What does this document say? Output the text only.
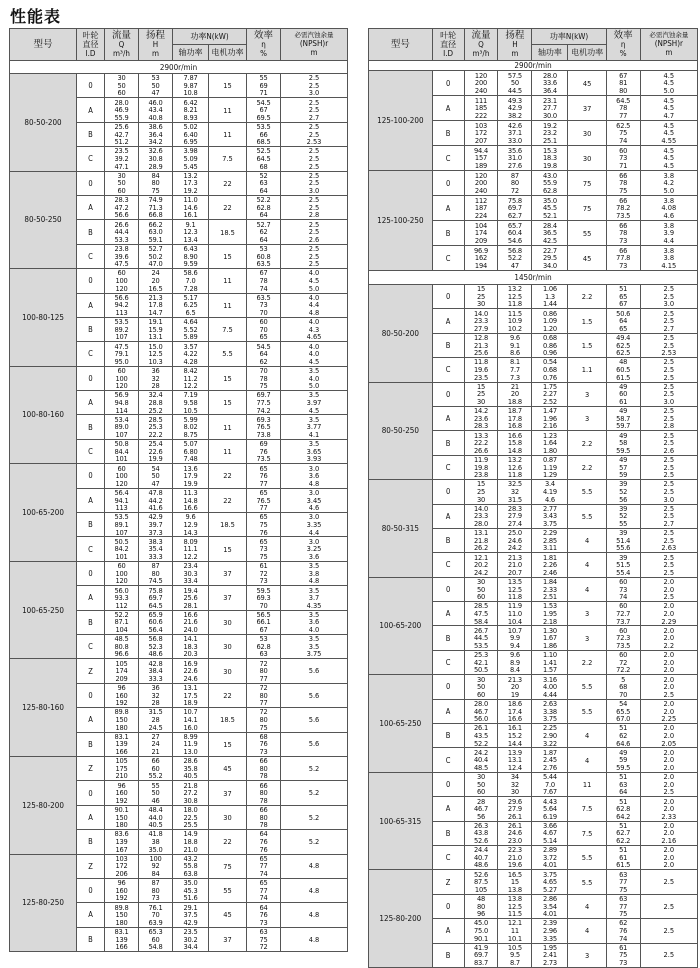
性能表
型号	叶轮
直径
I.D	流量
Q
m³/h	扬程
H
m	功率N(kW)		效率
η
%	必需汽蚀余量
(NPSH)r
m
				轴功率	电机功率		
2900r/min							
80-50-200	0	30
50
60	53
50
47	7.87
9.87
10.8	15	55
69
71	2.5
2.5
3.0

	A	28.0
46.9
55.9	46.0
43.4
40.8	6.42
8.21
8.93	11	54.5
67
69.5	2.5
2.5
2.7

	B	25.6
42.7
51.2	38.6
36.4
34.2	5.02
6.40
6.95	11	53.5
66
68.5	2.5
2.5
2.53

	C	23.5
39.2
47.1	32.6
30.8
28.9	3.98
5.09
5.45	7.5	52.5
64.5
68	2.5
2.5
2.5

80-50-250	0	30
50
60	84
80
75	13.2
17.3
19.2	22	52
63
64	2.5
2.5
3.0

	A	28.3
47.2
56.6	74.9
71.3
66.8	11.0
14.6
16.1	22	52.2
62.8
64	2.5
2.5
2.8

	B	26.6
44.4
53.3	66.2
63.0
59.1	9.1
12.3
13.4	18.5	52.7
62
64	2.5
2.5
2.6

	C	23.8
39.6
47.5	52.7
50.2
47.0	6.43
8.90
9.59	15	53
60.8
63.5	2.5
2.5
2.5

100-80-125	0	60
100
120	24
20
16.5	58.6
7.0
7.28	11	67
78
74	4.0
4.5
5.0

	A	56.6
94.2
113	21.3
17.8
14.7	5.17
6.25
6.5	11	63.5
73
70	4.0
4.4
4.8

	B	53.5
89.2
107	19.1
15.9
13.1	4.64
5.52
5.89	7.5	60
70
65	4.0
4.3
4.65

	C	47.5
79.1
95.0	15.0
12.5
10.3	3.57
4.22
4.28	5.5	54.5
64
62	4.0
4.0
4.5

100-80-160	0	60
100
120	36
32
28	8.42
11.2
12.2	15	70
78
75	3.5
4.0
5.0

	A	56.9
94.8
114	32.4
28.8
25.2	7.19
9.58
10.5	15	69.7
77.5
74.2	3.5
3.97
4.5

	B	53.4
89.0
107	28.5
25.3
22.2	5.99
8.02
8.75	11	69.3
76.5
73.8	3.5
3.77
4.1

	C	50.8
84.4
101	25.4
22.6
19.9	5.07
6.80
7.48	11	69
76
73.5	3.5
3.65
3.93

100-65-200	0	60
100
120	54
50
47	13.6
17.9
19.9	22	65
76
77	3.0
3.6
4.8

	A	56.4
94.1
113	47.8
44.2
41.6	11.3
14.8
16.6	22	65
76.5
77	3.0
3.45
4.6

	B	53.5
89.1
107	42.9
39.7
37.3	9.6
12.9
14.3	18.5	65
75
76	3.0
3.35
4.4

	C	50.5
84.2
101	38.3
35.4
33.3	8.09
11.1
12.2	15	65
73
75	3.0
3.25
3.6

100-65-250	0	60
100
120	87
80
74.5	23.4
30.3
33.4	37	61
72
73	3.5
3.8
4.8

	A	56.0
93.3
112	75.8
69.7
64.5	19.4
25.6
28.1	37	59.5
69.3
70	3.5
3.7
4.35

	B	52.2
87.1
104	65.9
60.6
56.4	16.6
21.6
24.0	30	56.5
66.1
67	3.5
3.6
4.0

	C	48.5
80.8
96.6	56.8
52.3
48.6	14.1
18.3
20.3	30	53
62.8
63	3.5
3.5
3.75

125-80-160	Z	105
174
209	42.8
38.4
33.3	16.9
22.6
24.6	30	72
80
77	5.6

	0	96
160
192	36
32
28	13.1
17.5
18.9	22	72
80
77	5.6

	A	89.8
150
180	31.5
28
24.5	10.7
14.1
16.0	18.5	72
80
75	5.6

	B	83.1
139
166	27
24
21	8.99
11.9
13.0	15	68
76
73	5.6

125-80-200	Z	105
175
210	66
60
55.2	28.6
35.8
40.5	45	66
80
78	5.2

	0	96
160
192	55
50
46	21.8
27.2
30.8	37	66
80
78	5.2

	A	90.1
150
180	48.4
44.0
40.5	18.0
22.5
25.5	30	66
80
78	5.2

	B	83.6
139
167	41.8
38
35.0	14.9
18.8
21.0	22	64
76
76	5.2

125-80-250	Z	103
172
206	100
92
84	43.2
55.8
63.8	75	65
77
74	4.8

	0	96
160
192	87
80
73	35.0
45.3
51.6	55	65
77
74	4.8

	A	89.8
150
180	76.1
70
63.9	29.1
37.5
42.9	45	64
76
73	4.8

	B	83.1
139
166	65.3
60
54.8	23.5
30.2
34.4	37	63
75
72	4.8
型号	叶轮
直径
I.D	流量
Q
m³/h	扬程
H
m	功率N(kW)		效率
η
%	必需汽蚀余量
(NPSH)r
m
				轴功率	电机功率		
2900r/min							
125-100-200	0	120
200
240	57.5
50
44.5	28.0
33.6
36.4	45	67
81
80	4.5
4.5
5.0

	A	111
185
222	49.3
42.9
38.2	23.1
27.7
30.0	37	64.5
78
77	4.5
4.5
4.7

	B	103
172
207	42.6
37.1
33.0	19.2
23.2
25.1	30	62.5
75
74	4.5
4.5
4.55

	C	94.4
157
189	35.6
31.0
27.6	15.3
18.3
19.8	30	60
73
71	4.5
4.5
4.5

125-100-250	0	120
200
240	87
80
72	43.0
55.9
62.8	75	66
78
75	3.8
4.2
5.0

	A	112
187
224	75.8
69.7
62.7	35.0
45.5
52.1	75	66
78.2
73.5	3.8
4.08
4.6

	B	104
174
209	65.7
60.4
54.6	28.4
36.5
42.5	55	66
78
73	3.8
3.9
4.4

	C	96.9
162
194	56.8
52.2
47	22.7
29.5
34.0	45	66
77.8
73	3.8
3.8
4.15

1450r/min							
80-50-200	0	15
25
30	13.2
12.5
11.8	1.06
1.3
1.44	2.2	51
65
67	2.5
2.5
3.0

	A	14.0
23.3
27.9	11.5
10.9
10.2	0.86
1.09
1.20	1.5	50.6
64
65	2.5
2.5
2.7

	B	12.8
21.3
25.6	9.6
9.1
8.6	0.68
0.86
0.96	1.5	49.4
62.5
62.5	2.5
2.5
2.53

	C	11.8
19.6
23.5	8.1
7.7
7.3	0.54
0.68
0.76	1.1	48
60.5
61.5	2.5
2.5
2.5

80-50-250	0	15
25
30	21
20
18.8	1.75
2.27
2.52	3	49
60
61	2.5
2.5
3.0

	A	14.2
23.6
28.3	18.7
17.8
16.8	1.47
1.96
2.16	3	49
58.7
59.7	2.5
2.5
2.8

	B	13.3
22.2
26.6	16.6
15.8
14.8	1.23
1.64
1.80	2.2	49
58
59.5	2.5
2.5
2.6

	C	11.9
19.8
23.8	13.2
12.6
11.8	0.87
1.19
1.29	2.2	49
57
59	2.5
2.5
2.5

80-50-315	0	15
25
30	32.5
32
31.5	3.4
4.19
4.6	5.5	39
52
56	2.5
2.5
3.0

	A	14.0
23.3
28.0	28.3
27.9
27.4	2.77
3.43
3.75	5.5	39
52
55	2.5
2.5
2.7

	B	13.1
21.8
26.2	25.0
24.6
24.2	2.29
2.85
3.11	4	39
51.4
55.6	2.5
2.5
2.63

	C	12.1
20.2
24.2	21.3
21.0
20.7	1.81
2.26
2.46	4	39
51.5
55.4	2.5
2.5
2.5

100-65-200	0	30
50
60	13.5
12.5
11.8	1.84
2.33
2.51	4	60
73
74	2.0
2.0
2.5

	A	28.5
47.5
58.4	11.9
11.0
10.4	1.53
1.95
2.18	3	60
72.7
73.7	2.0
2.0
2.29

	B	26.7
44.5
53.5	10.7
9.9
9.4	1.30
1.67
1.86	3	60
72.3
73.5	2.0
2.0
2.2

	C	25.3
42.1
50.5	9.6
8.9
8.4	1.10
1.41
1.57	2.2	60
72
72.2	2.0
2.0
2.0

100-65-250	0	30
50
60	21.3
20
19	3.16
4.00
4.44	5.5	5
68
70	2.0
2.0
2.5

	A	28.0
46.7
56.0	18.6
17.4
16.6	2.63
3.38
3.75	5.5	54
65.5
67.0	2.0
2.0
2.25

	B	26.1
43.5
52.2	16.1
15.2
14.4	2.25
2.90
3.22	4	51
62
64.6	2.0
2.0
2.05

	C	24.2
40.4
48.5	13.9
13.1
12.4	1.87
2.45
2.76	4	49
59
59.5	2.0
2.0
2.0

100-65-315	0	30
50
60	34
32
30	5.44
7.0
7.67	11	51
63
64	2.0
2.0
2.5

	A	28
46.7
56	29.6
27.9
26.1	4.43
5.64
6.19	7.5	51
62.8
64.2	2.0
2.0
2.33

	B	26.3
43.8
52.6	26.1
24.6
23.0	3.66
4.67
5.14	7.5	51
62.7
62.2	2.0
2.0
2.16

	C	24.4
40.7
48.6	22.3
21.0
19.6	2.89
3.72
4.01	5.5	51
61
61.5	2.0
2.0
2.0

125-80-200	Z	52.6
87.5
105	16.5
15
13.8	3.75
4.65
5.27	5.5	63
77
75	2.5

	0	48
80
96	13.8
12.5
11.5	2.86
3.54
4.01	4	63
77
75	2.5

	A	45.0
75.0
90.1	12.1
11
10.1	2.39
2.96
3.35	4	62
76
74	2.5

	B	41.9
69.7
83.7	10.5
9.5
8.7	1.95
2.41
2.73	3	61
75
73	2.5
